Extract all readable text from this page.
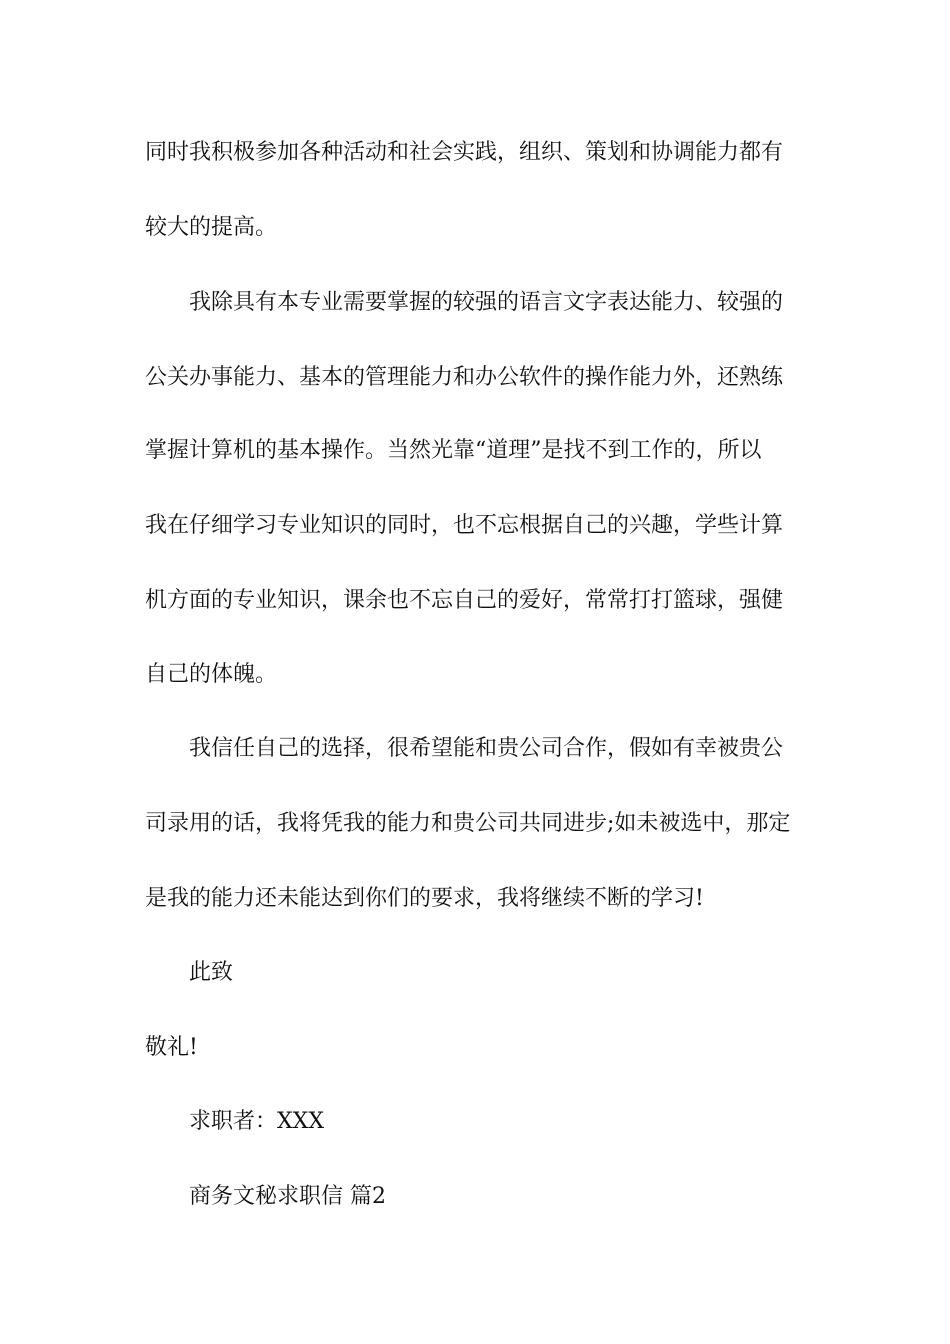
同时我积极参加各种活动和社会实践，组织、策划和协调能力都有
较大的提高。
我除具有本专业需要掌握的较强的语言文字表达能力、较强的
公关办事能力、基本的管理能力和办公软件的操作能力外，还熟练
掌握计算机的基本操作。当然光靠“道理”是找不到工作的，所以
我在仔细学习专业知识的同时，也不忘根据自己的兴趣，学些计算
机方面的专业知识，课余也不忘自己的爱好，常常打打篮球，强健
自己的体魄。
我信任自己的选择，很希望能和贵公司合作，假如有幸被贵公
司录用的话，我将凭我的能力和贵公司共同进步;如未被选中，那定
是我的能力还未能达到你们的要求，我将继续不断的学习!
此致
敬礼!
求职者：XXX
商务文秘求职信 篇2
